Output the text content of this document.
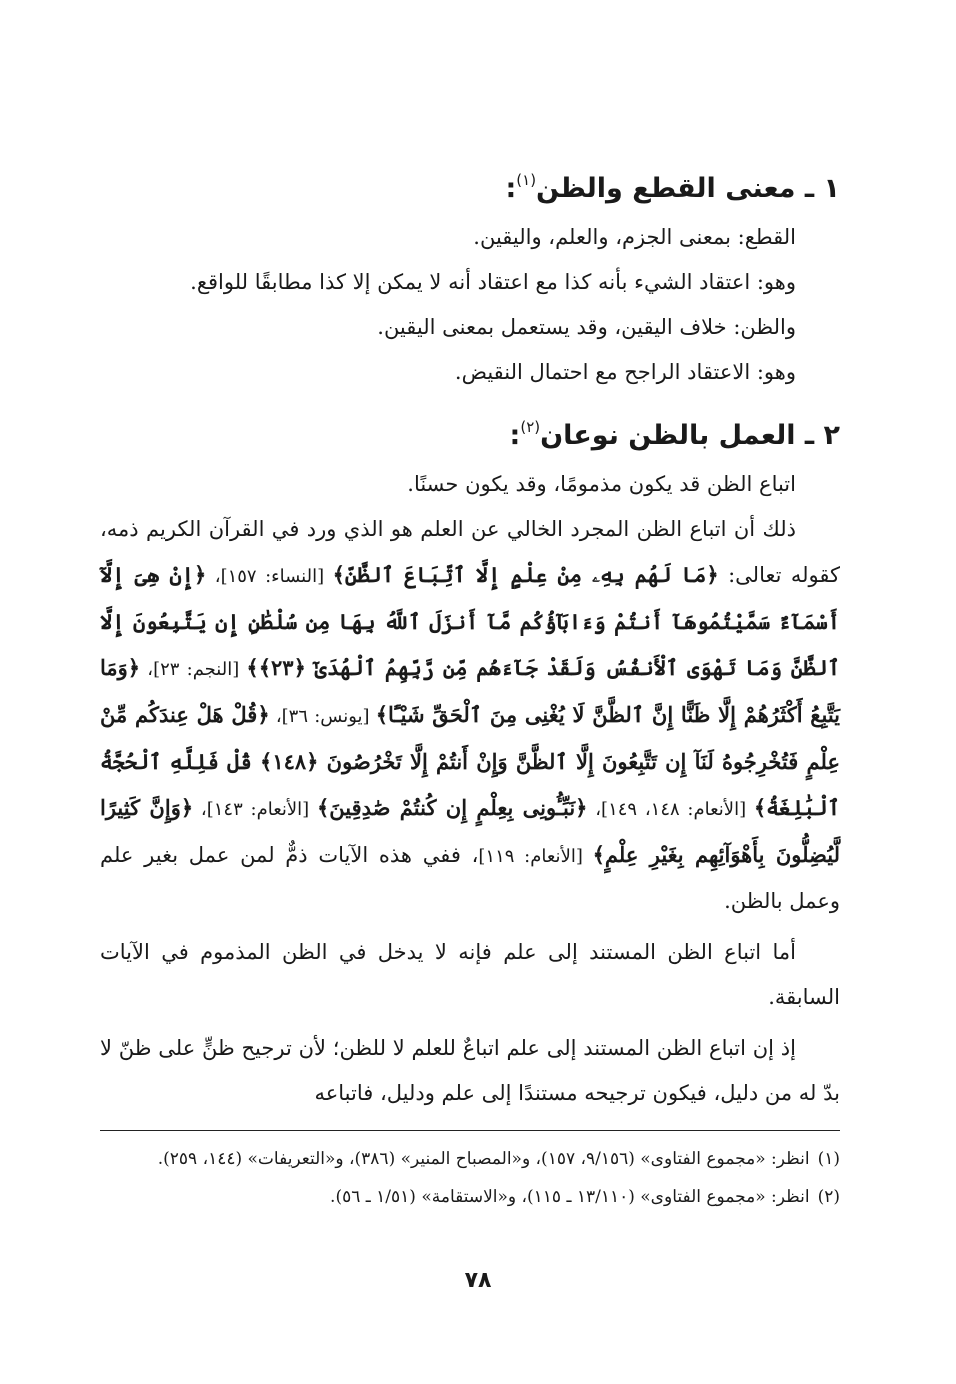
١ ـ معنى القطع والظن$^{(١)}$:

القطع: بمعنى الجزم، والعلم، واليقين.

وهو: اعتقاد الشيء بأنه كذا مع اعتقاد أنه لا يمكن إلا كذا مطابقًا للواقع.

والظن: خلاف اليقين، وقد يستعمل بمعنى اليقين.

وهو: الاعتقاد الراجح مع احتمال النقيض.

٢ ـ العمل بالظن نوعان$^{(٢)}$:

اتباع الظن قد يكون مذمومًا، وقد يكون حسنًا.

ذلك أن اتباع الظن المجرد الخالي عن العلم هو الذي ورد في القرآن الكريم ذمه، كقوله تعالى: ﴿مَا لَهُم بِهِۦ مِنْ عِلْمٍ إِلَّا ٱتِّبَاعَ ٱلظَّنِّ﴾ [النساء: ١٥٧]، ﴿إِنْ هِىَ إِلَّآ أَسْمَآءٌ سَمَّيْتُمُوهَآ أَنتُمْ وَءَابَآؤُكُم مَّآ أَنزَلَ ٱللَّهُ بِهَا مِن سُلْطَٰنٍ إِن يَتَّبِعُونَ إِلَّا ٱلظَّنَّ وَمَا تَهْوَى ٱلْأَنفُسُ وَلَقَدْ جَآءَهُم مِّن رَّبِّهِمُ ٱلْهُدَىٰٓ ﴿٢٣﴾﴾ [النجم: ٢٣]، ﴿وَمَا يَتَّبِعُ أَكْثَرُهُمْ إِلَّا ظَنًّا إِنَّ ٱلظَّنَّ لَا يُغْنِى مِنَ ٱلْحَقِّ شَيْـًٔا﴾ [يونس: ٣٦]، ﴿قُلْ هَلْ عِندَكُم مِّنْ عِلْمٍ فَتُخْرِجُوهُ لَنَآ إِن تَتَّبِعُونَ إِلَّا ٱلظَّنَّ وَإِنْ أَنتُمْ إِلَّا تَخْرُصُونَ ﴿١٤٨﴾ قُلْ فَلِلَّهِ ٱلْحُجَّةُ ٱلْبَٰلِغَةُ﴾ [الأنعام: ١٤٨، ١٤٩]، ﴿نَبِّـُٔونِى بِعِلْمٍ إِن كُنتُمْ صَٰدِقِينَ﴾ [الأنعام: ١٤٣]، ﴿وَإِنَّ كَثِيرًا لَّيُضِلُّونَ بِأَهْوَآئِهِم بِغَيْرِ عِلْمٍ﴾ [الأنعام: ١١٩]، ففي هذه الآيات ذمٌّ لمن عمل بغير علم وعمل بالظن.

أما اتباع الظن المستند إلى علم فإنه لا يدخل في الظن المذموم في الآيات السابقة.

إذ إن اتباع الظن المستند إلى علم اتباعٌ للعلم لا للظن؛ لأن ترجيح ظنٍّ على ظنّ لا بدّ له من دليل، فيكون ترجيحه مستندًا إلى علم ودليل، فاتباعه

(١)انظر: «مجموع الفتاوى» (٩/١٥٦، ١٥٧)، و«المصباح المنير» (٣٨٦)، و«التعريفات» (١٤٤، ٢٥٩).

(٢)انظر: «مجموع الفتاوى» (١٣/١١٠ ـ ١١٥)، و«الاستقامة» (١/٥١ ـ ٥٦).

٧٨
